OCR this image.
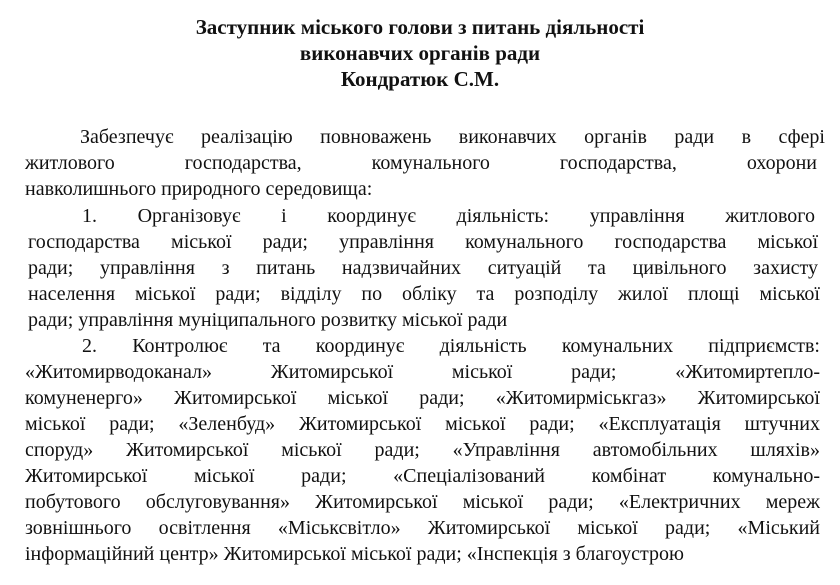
Заступник міського голови з питань діяльності

виконавчих органів ради

Кондратюк С.М.

Забезпечує реалізацію повноважень виконавчих органів ради в сфері

житлового господарства, комунального господарства, охорони

навколишнього природного середовища:

1. Організовує і координує діяльність: управління житлового

господарства міської ради; управління комунального господарства міської

ради; управління з питань надзвичайних ситуацій та цивільного захисту

населення міської ради; відділу по обліку та розподілу жилої площі міської

ради; управління муніципального розвитку міської ради

2. Контролює та координує діяльність комунальних підприємств:

«Житомирводоканал» Житомирської міської ради; «Житомиртепло-

комуненерго» Житомирської міської ради; «Житомирміськгаз» Житомирської

міської ради; «Зеленбуд» Житомирської міської ради; «Експлуатація штучних

споруд» Житомирської міської ради; «Управління автомобільних шляхів»

Житомирської міської ради; «Спеціалізований комбінат комунально-

побутового обслуговування» Житомирської міської ради; «Електричних мереж

зовнішнього освітлення «Міськсвітло» Житомирської міської ради; «Міський

інформаційний центр» Житомирської міської ради; «Інспекція з благоустрою
